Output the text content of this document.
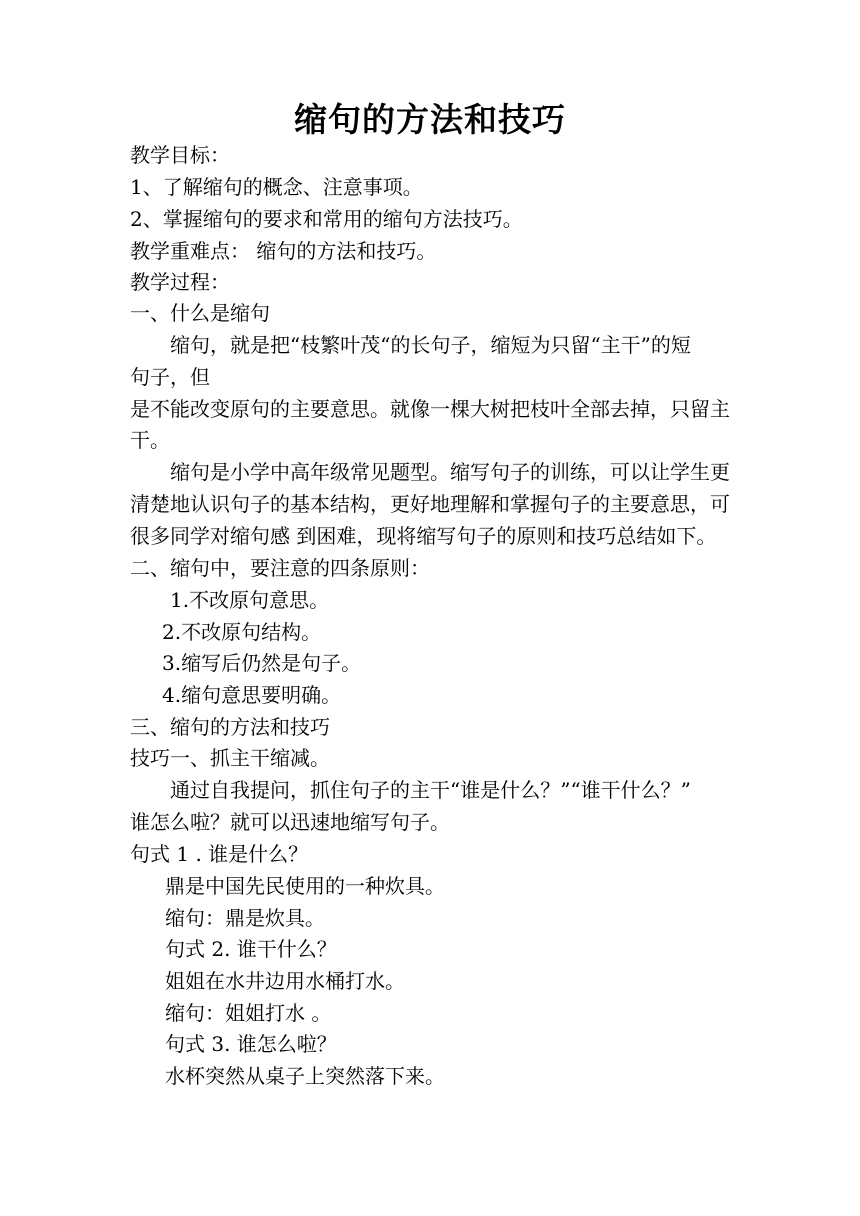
缩句的方法和技巧
教学目标：
1、了解缩句的概念、注意事项。
2、掌握缩句的要求和常用的缩句方法技巧。
教学重难点： 缩句的方法和技巧。
教学过程：
一、什么是缩句
缩句，就是把“枝繁叶茂“的长句子，缩短为只留“主干”的短
句子，但
是不能改变原句的主要意思。就像一棵大树把枝叶全部去掉，只留主
干。
缩句是小学中高年级常见题型。缩写句子的训练，可以让学生更
清楚地认识句子的基本结构，更好地理解和掌握句子的主要意思，可
很多同学对缩句感 到困难，现将缩写句子的原则和技巧总结如下。
二、缩句中，要注意的四条原则：
1.不改原句意思。
2.不改原句结构。
3.缩写后仍然是句子。
4.缩句意思要明确。
三、缩句的方法和技巧
技巧一、抓主干缩减。
通过自我提问，抓住句子的主干“谁是什么？”“谁干什么？”
谁怎么啦？就可以迅速地缩写句子。
句式 1 . 谁是什么？
鼎是中国先民使用的一种炊具。
缩句：鼎是炊具。
句式 2. 谁干什么？
姐姐在水井边用水桶打水。
缩句：姐姐打水 。
句式 3. 谁怎么啦？
水杯突然从桌子上突然落下来。
